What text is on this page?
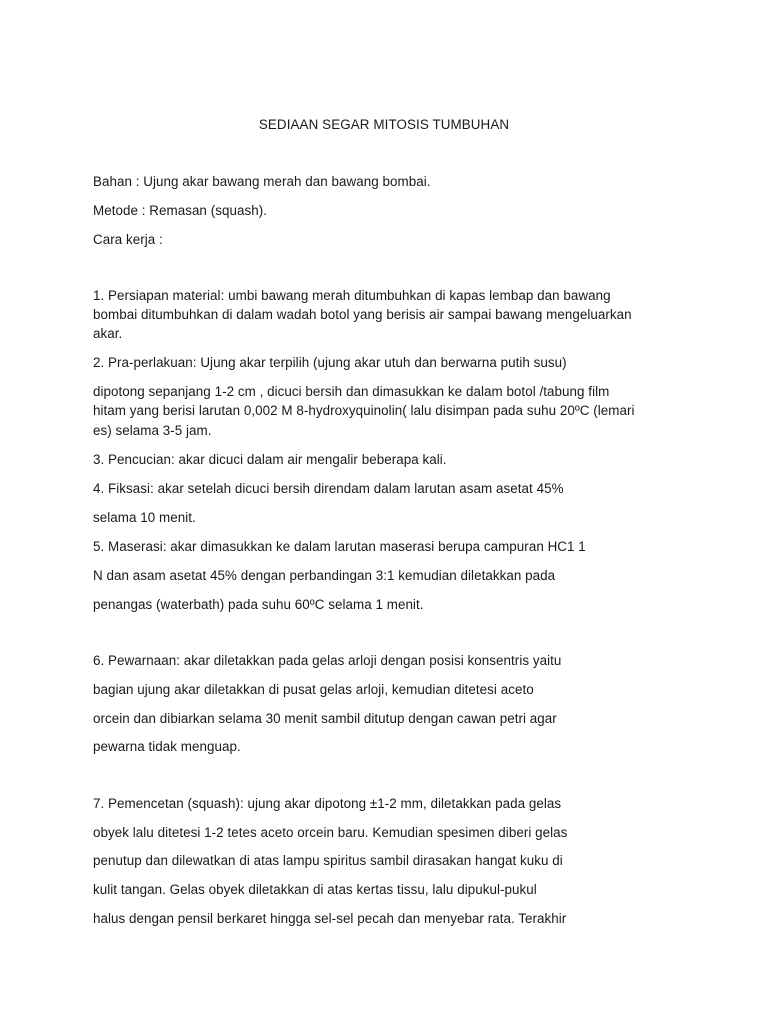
SEDIAAN SEGAR MITOSIS TUMBUHAN
Bahan : Ujung akar bawang merah dan bawang bombai.
Metode : Remasan (squash).
Cara kerja :
1. Persiapan material: umbi bawang merah ditumbuhkan di kapas lembap dan bawang
bombai ditumbuhkan di dalam wadah botol yang berisis air sampai bawang mengeluarkan
akar.
2. Pra-perlakuan: Ujung akar terpilih (ujung akar utuh dan berwarna putih susu)
dipotong sepanjang 1-2 cm , dicuci bersih dan dimasukkan ke dalam botol /tabung film
hitam yang berisi larutan 0,002 M 8-hydroxyquinolin( lalu disimpan pada suhu 20ºC (lemari
es) selama 3-5 jam.
3. Pencucian: akar dicuci dalam air mengalir beberapa kali.
4. Fiksasi: akar setelah dicuci bersih direndam dalam larutan asam asetat 45%
selama 10 menit.
5. Maserasi: akar dimasukkan ke dalam larutan maserasi berupa campuran HC1 1
N dan asam asetat 45% dengan perbandingan 3:1 kemudian diletakkan pada
penangas (waterbath) pada suhu 60ºC selama 1 menit.
6. Pewarnaan: akar diletakkan pada gelas arloji dengan posisi konsentris yaitu
bagian ujung akar diletakkan di pusat gelas arloji, kemudian ditetesi aceto
orcein dan dibiarkan selama 30 menit sambil ditutup dengan cawan petri agar
pewarna tidak menguap.
7. Pemencetan (squash): ujung akar dipotong ±1-2 mm, diletakkan pada gelas
obyek lalu ditetesi 1-2 tetes aceto orcein baru. Kemudian spesimen diberi gelas
penutup dan dilewatkan di atas lampu spiritus sambil dirasakan hangat kuku di
kulit tangan. Gelas obyek diletakkan di atas kertas tissu, lalu dipukul-pukul
halus dengan pensil berkaret hingga sel-sel pecah dan menyebar rata. Terakhir
